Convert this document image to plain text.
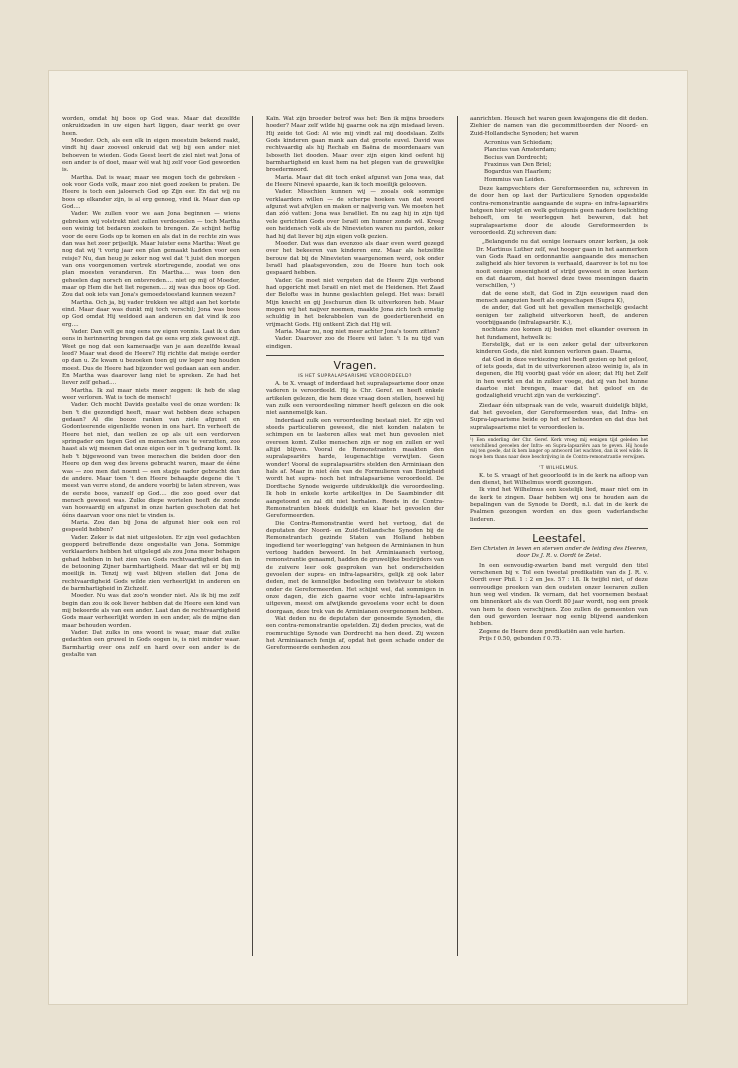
worden, omdat hij boos op God was. Maar dat dezelfde onkruidzaden in uw eigen hart liggen, daar werkt ge over heen.

Moeder. Och, als een elk in eigen moestuin bekend raakt, vindt hij daar zooveel onkruid dat wij bij een ander niet behoeven te wieden. Gods Geest leert de ziel niet wat Jona of een ander is of doet, maar wèl wat hij zelf voor God geworden is.

Martha. Dat is waar, maar we mogen toch de gebreken - ook voor Gods volk, maar zoo niet goed zoeken te praten. De Heere is toch een jaloersch God op Zijn eer. En dat wij nu boos op elkander zijn, is al erg genoeg, vind ik. Maar dan op God....

Vader. We zullen voor we aan Jona beginnen — wiens gebreken wij volstrekt niet zullen verdoezelen — toch Martha een weinig tot bedaren zoeken te brengen. Ze schijnt heftig voor de eere Gods op te komen en als dat in de rechte zin was dan was het zeer prijselijk. Maar luister eens Martha: Weet ge nog dat wij 't vorig jaar een plan gemaakt hadden voor een reisje? Nu, dan heug je zeker nog wel dat 't juist den morgen van ons voorgenomen vertrek stortregende, zoodat we ons plan moesten veranderen. En Martha.... was toen den geheelen dag norsch en ontevreden.... niet op mij of Moeder, maar op Hem die het liet regenen.... zij was dus boos op God. Zou dat ook iets van Jona's gemoedstoestand kunnen wezen?

Martha. Och ja, bij vader trekken we altijd aan het kortste eind. Maar daar was dunkt mij toch verschil; Jona was boos op God omdat Hij weldoed aan anderen en dat vind ik zoo erg....

Vader. Dan velt ge nog eens uw eigen vonnis. Laat ik u dan eens in herinnering brengen dat ge eens erg ziek geweest zijt. Weet ge nog dat een kameraadje van je aan dezelfde kwaal leed? Maar wat deed de Heere? Hij richtte dat meisje eerder op dan u. Ze kwam u bezoeken toen gij uw leger nog houden moest. Dus de Heere had bijzonder wel gedaan aan een ander. En Martha was daarover lang niet te spreken. Ze had het liever zelf gehad....

Martha. Ik zal maar niets meer zeggen: ik heb de slag weer verloren. Wat is toch de mensch!

Vader. Och mocht Davids gestalte veel de onze worden: Ik ben 't die gezondigd heeft, maar wat hebben deze schapen gedaan? Al die booze ranken van ziele afgunst en Godonteerende eigenliefde wonen in ons hart. En verheeft de Heere het niet, dan wellen ze op als uit een verdorven springader om tegen God en menschen ons te verzetten, zoo haast als wij meenen dat onze eigen eer in 't gedrang komt. Ik heb 't bijgewoond van twee menschen die beiden door den Heere op den weg des levens gebracht waren, maar de ééne was — zoo men dat noemt — een stapje nader gebracht dan de andere. Maar toen 't den Heere behaagde degene die 't meest van verre stond, de andere voorbij te laten streven, was de eerste boos, vanzelf op God.... die zoo goed over dat mensch geweest was. Zulke diepe wortelen heeft de zonde van hoovaardij en afgunst in onze harten geschoten dat het ééns daarvan voor ons niet te vinden is.

Maria. Zou dan bij Jona de afgunst hier ook een rol gespeeld hebben?

Vader. Zeker is dat niet uitgesloten. Er zijn veel gedachten geopperd betreffende deze ongestalte van Jona. Sommige verklaarders hebben het uitgelegd als zou Jona meer behagen gehad hebben in het zien van Gods rechtvaardigheid dan in de betooning Zijner barmhartigheid. Maar dat wil er bij mij moeilijk in. Tenzij wij vast blijven stellen dat Jona de rechtvaardigheid Gods wilde zien verheerlijkt in anderen en de barmhartigheid in Zichzelf.

Moeder. Nu was dat zoo'n wonder niet. Als ik bij me zelf begin dan zou ik ook liever hebben dat de Heere een kind van mij bekeerde als van een ander. Laat dan de rechtvaardigheid Gods maar verheerlijkt worden in een ander, als de mijne dan maar behouden worden.

Vader. Dat zulks in ons woont is waar, maar dat zulke gedachten een gruwel in Gods oogen is, is niet minder waar. Barmhartig over ons zelf en hard over een ander is de gestalte van

Kaïn. Wat zijn broeder betrof was het: Ben ik mijns broeders hoeder? Maar zelf wilde hij gaarne ook na zijn misdaad leven. Hij zeide tot God: Al wie mij vindt zal mij doodslaan. Zelfs Gods kinderen gaan mank aan dat groote euvel. David was rechtvaardig als hij Rechab en Baëna de moordenaars van Isboseth liet dooden. Maar over zijn eigen kind oefent hij barmhartigheid en kust hem na het plegen van de gruwelijke broedermoord.

Maria. Maar dat dit toch enkel afgunst van Jona was, dat de Heere Ninevé spaarde, kan ik toch moeilijk gelooven.

Vader. Misschien kunnen wij — zooals ook sommige verklaarders willen — de scherpe hoeken van dat woord afgunst wat afvijlen en maken er naijverig van. We moeten het dan zóó vatten: Jona was Israëliet. En nu zag hij in zijn tijd vele gerichten Gods over Israël om hunner zonde wil. Kreeg een heidensch volk als de Ninevieten waren nu pardon, zeker had hij dat liever bij zijn eigen volk gezien.

Moeder. Dat was dan evenzoo als daar even werd gezegd over het bekeeren van kinderen enz. Maar als hetzelfde berouw dat bij de Ninevieten waargenomen werd, ook onder Israël had plaatsgevonden, zou de Heere hun toch ook gespaard hebben.

Vader. Ge moet niet vergeten dat de Heere Zijn verbond had opgericht met Israël en niet met de Heidenen. Het Zaad der Belofte was in hunne geslachten gelegd. Het was: Israël Mijn knecht en gij Jeschurun dien Ik uitverkoren heb. Maar mogen wij het naijver noemen, maakte Jona zich toch ernstig schuldig in het bekrabbelen van de goedertierenheid en vrijmacht Gods. Hij ontkent Zich dat Hij wil.

Maria. Maar nu, nog niet meer achter Jona's toorn zitten?

Vader. Daarover zoo de Heere wil later. 't Is nu tijd van eindigen.

Vragen.
IS HET SUPRALAPSARISME VEROORDEELD?

A. te X. vraagt of inderdaad het supralapsarisme door onze vaderen is veroordeeld. Hij is Chr. Geref. en heeft enkele artikelen gelezen, die hem deze vraag doen stellen, hoewel hij van zulk een veroordeeling nimmer heeft gelezen en die ook niet aannemelijk kan.

Inderdaad zulk een veroordeeling bestaat niet. Er zijn vel steeds particulieren geweest, die niet konden nalaten te schimpen en te lasteren alles wat met hun gevoelen niet overeen komt. Zulke menschen zijn er nog en zullen er wel altijd blijven. Vooral de Remonstranten maakten den supralapsariërs harde, leugenachtige verwijten. Geen wonder! Vooral de supralapsariërs stelden den Arminiaan den hals af. Maar in niet één van de Formulieren van Eenigheid wordt het supra- noch het infralapsarisme veroordeeld. De Dordtsche Synode weigerde uitdrukkelijk die veroordeeling. Ik hob in enkele korte artikeltjes in De Saambinder dit aangetoond en zal dit niet herhalen. Reeds in de Contra-Remonstranten bleek duidelijk en klaar het gevoelen der Gereformeerden.

Die Contra-Remonstrantie werd het vertoog, dat de deputaten der Noord- en Zuid-Hollandsche Synoden bij de Remonstrantsch gezinde Staten van Holland hebben ingediend ter weerlegging' van hetgeen de Arminianen in hun vertoog hadden beweerd. In het Arminiaansch vertoog, remonstrantie genaamd, hadden de gruwelijke bestrijders van de zuivere leer ook gesproken van het onderscheiden gevoelen der supra- en infra-lapsariërs, gelijk zij ook later deden, met de kennelijke bedoeling een twistvuur te stoken onder de Gereformeerden. Het schijnt wel, dat sommigen in onze dagen, die zich gaarne voor echte infra-lapsariërs uitgeven, meest om afwijkende gevoelens voor echt te doen doorgaan, deze trek van de Arminianen overgenomen hebben.

Wat deden nu de deputaten der genoemde Synoden, die een contra-remonstrantie opstelden. Zij deden precies, wat de roemruchtige Synode van Dordrecht na hen deed. Zij wezen het Arminiaansch fenijn af, opdat het geen schade onder de Gereformeerde eenheden zou

aanrichten. Heusch het waren geen kwajongens die dit deden. Ziehier de namen van die gecommitteerden der Noord- en Zuid-Hollandsche Synoden; het waren

Acronius van Schiedam;
Plancius van Amsterdam;
Becius van Dordrecht;
Fraxinus van Den Briel;
Bogardus van Haarlem;
Hommius van Leiden.

Deze kampvechters der Gereformeerden nu, schreven in de door hen op last der Particuliere Synoden opgestelde contra-remonstrantie aangaande de supra- en infra-lapsariërs hetgeen hier volgt en welk getuigenis geen nadere toelichting behoeft, om te weerleggen het beweren, dat het supralapsarisme door de aloude Gereformeerden is veroordeeld. Zij schreven dan:

„Belangende nu dat eenige leeraars onzer kerken, ja ook Dr. Martinus Luther zelf, wat hooger gaan in het aanmerken van Gods Raad en ordonnantie aangaande des menschen zaligheid als hier tevoren is verhaald, daarover is tot nu toe nooit eenige oneenigheid of strijd geweest in onze kerken en dat daarom, dat hoewel deze twee meeningen daarin verschillen, ¹)

dat de eene stelt, dat God in Zijn eeuwigen raad den mensch aangezien heeft als ongeschapen (Supra K),

de ander, dat God uit het gevallen menschelijk geslacht eenigen ter zaligheid uitverkoren heeft, de anderen voorbijgaande (infralapsariër. K.),

nochtans zoo komen zij beiden met elkander overeen in het fundament, hetwelk is:

Eerstelijk, dat er is een zeker getal der uitverkoren kinderen Gods, die niet kunnen verloren gaan. Daarna,

dat God in deze verkiezing niet heeft gezien op het geloof, of iets goeds, dat in de uitverkorenen alzoo weinig is, als in degenen, die Hij voorbij gaat vóór en aleer, dat Hij het Zelf in hen werkt en dat in zulker voege, dat zij van het hunne daartoe niet brengen, maar dat het geloof en de godzaligheid vrucht zijn van de verkiezing".

Ziedaar één uitspraak van de vele, waaruit duidelijk blijkt, dat het gevoelen, der Gereformeerden was, dat Infra- en Supra-lapsarisme beide op het erf behoorden en dat dus het supralapsarisme niet te veroordeelen is.

¹) Een onderling der Chr. Geref. Kerk vroeg mij eenigen tijd geleden het verschillend gevoelen der Infra- en Supra-lapsariërs aan te geven. Hij houde mij ten goede, dat ik hem langer op antwoord liet wachten, dan ik wel wilde. Ik moge hem thans naar deze beschrijving in de Contra-remonstrantie verwijzen.
'T WILHELMUS.

K. te S. vraagt of het geoorloofd is in de kerk na afloop van den dienst, het Wilhelmus wordt gezongen.

Ik vind het Wilhelmus een kostelijk lied, maar niet om in de kerk te zingen. Daar hebben wij ons te houden aan de bepalingen van de Synode te Dordt, n.l. dat in de kerk de Psalmen gezongen worden en dus geen vaderlandsche liederen.

Leestafel.
Een Christen in leven en sterven onder de leiding des Heeren, door Ds J. R. v. Oordt te Zeist.

In een eenvoudig-zwarten band met verguld den titel verschenen bij v. Tol een tweetal predikatiën van ds J. R. v. Oordt over Phil. 1 : 2 en Jes. 57 : 18. Ik twijfel niet, of deze eenvoudige preeken van den oudsten onzer leeraren zullen hun weg wel vinden. Ik vernam, dat het voornemen bestaat om binnenkort als ds van Oordt 80 jaar wordt, nog een preek van hem te doen verschijnen. Zoo zullen de gemeenten van den oud geworden leeraar nog eenig blijvend aandenken hebben.

Zegene de Heere deze predikatiën aan vele harten.

Prijs f 0.50, gebonden f 0.75.
